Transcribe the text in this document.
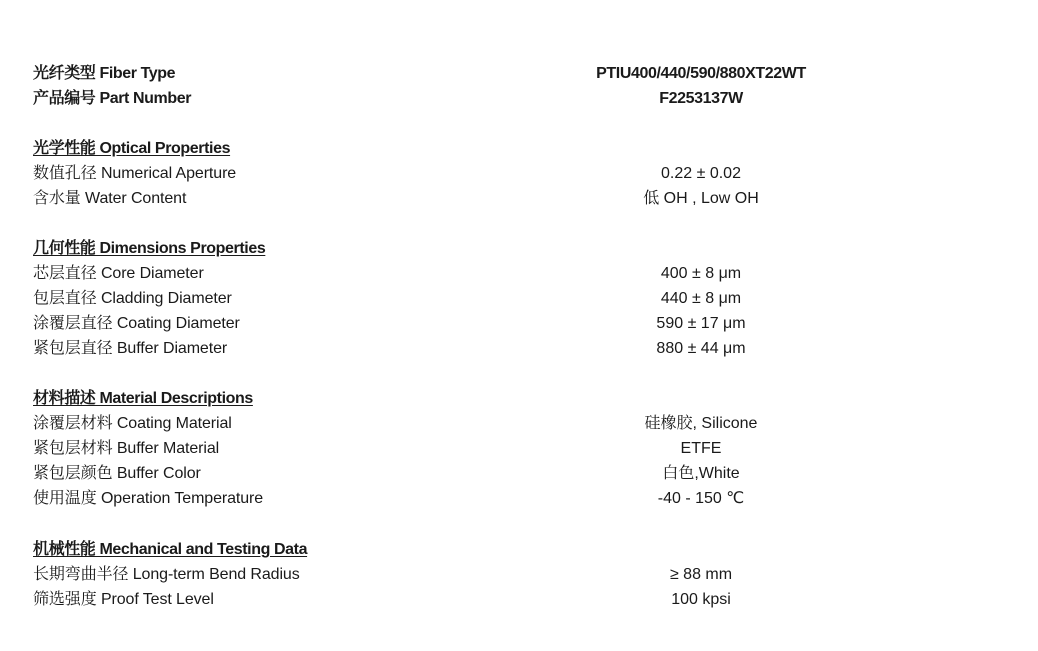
光纤类型 Fiber Type	PTIU400/440/590/880XT22WT
产品编号 Part Number	F2253137W
光学性能 Optical Properties
数值孔径 Numerical Aperture	0.22 ± 0.02
含水量 Water Content	低 OH , Low OH
几何性能 Dimensions Properties
芯层直径 Core Diameter	400 ± 8 μm
包层直径 Cladding Diameter	440 ± 8 μm
涂覆层直径 Coating Diameter	590 ± 17 μm
紧包层直径 Buffer Diameter	880 ± 44 μm
材料描述 Material Descriptions
涂覆层材料 Coating Material	硅橡胶, Silicone
紧包层材料 Buffer Material	ETFE
紧包层颜色 Buffer Color	白色,White
使用温度 Operation Temperature	-40 - 150 ℃
机械性能 Mechanical and Testing Data
长期弯曲半径 Long-term Bend Radius	≥ 88 mm
筛选强度 Proof Test Level	100 kpsi
